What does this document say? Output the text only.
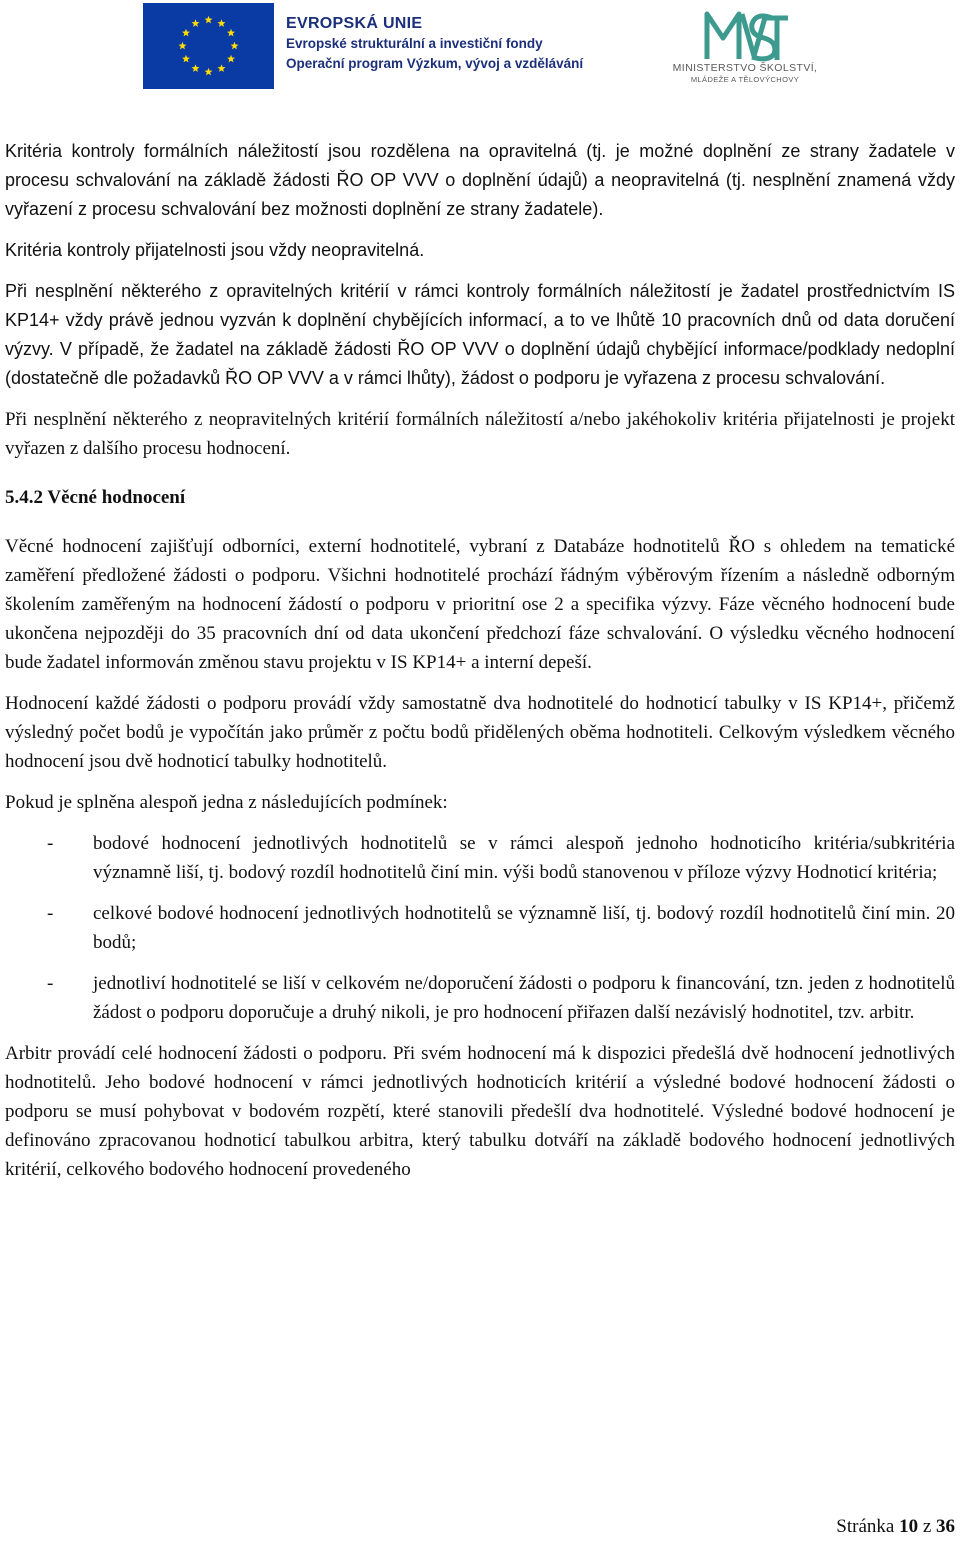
EVROPSKÁ UNIE
Evropské strukturální a investiční fondy
Operační program Výzkum, vývoj a vzdělávání	MINISTERSTVO ŠKOLSTVÍ,
MLÁDEŽE A TĚLOVÝCHOVY

Kritéria kontroly formálních náležitostí jsou rozdělena na opravitelná (tj. je možné doplnění ze strany žadatele v procesu schvalování na základě žádosti ŘO OP VVV o doplnění údajů) a neopravitelná (tj. nesplnění znamená vždy vyřazení z procesu schvalování bez možnosti doplnění ze strany žadatele).

Kritéria kontroly přijatelnosti jsou vždy neopravitelná.

Při nesplnění některého z opravitelných kritérií v rámci kontroly formálních náležitostí je žadatel prostřednictvím IS KP14+ vždy právě jednou vyzván k doplnění chybějících informací, a to ve lhůtě 10 pracovních dnů od data doručení výzvy. V případě, že žadatel na základě žádosti ŘO OP VVV o doplnění údajů chybějící informace/podklady nedoplní (dostatečně dle požadavků ŘO OP VVV a v rámci lhůty), žádost o podporu je vyřazena z procesu schvalování.

Při nesplnění některého z neopravitelných kritérií formálních náležitostí a/nebo jakéhokoliv kritéria přijatelnosti je projekt vyřazen z dalšího procesu hodnocení.

5.4.2 Věcné hodnocení

Věcné hodnocení zajišťují odborníci, externí hodnotitelé, vybraní z Databáze hodnotitelů ŘO s ohledem na tematické zaměření předložené žádosti o podporu. Všichni hodnotitelé prochází řádným výběrovým řízením a následně odborným školením zaměřeným na hodnocení žádostí o podporu v prioritní ose 2 a specifika výzvy. Fáze věcného hodnocení bude ukončena nejpozději do 35 pracovních dní od data ukončení předchozí fáze schvalování. O výsledku věcného hodnocení bude žadatel informován změnou stavu projektu v IS KP14+ a interní depeší.

Hodnocení každé žádosti o podporu provádí vždy samostatně dva hodnotitelé do hodnoticí tabulky v IS KP14+, přičemž výsledný počet bodů je vypočítán jako průměr z počtu bodů přidělených oběma hodnotiteli. Celkovým výsledkem věcného hodnocení jsou dvě hodnoticí tabulky hodnotitelů.

Pokud je splněna alespoň jedna z následujících podmínek:

- bodové hodnocení jednotlivých hodnotitelů se v rámci alespoň jednoho hodnoticího kritéria/subkritéria významně liší, tj. bodový rozdíl hodnotitelů činí min. výši bodů stanovenou v příloze výzvy Hodnoticí kritéria;
- celkové bodové hodnocení jednotlivých hodnotitelů se významně liší, tj. bodový rozdíl hodnotitelů činí min. 20 bodů;
- jednotliví hodnotitelé se liší v celkovém ne/doporučení žádosti o podporu k financování, tzn. jeden z hodnotitelů žádost o podporu doporučuje a druhý nikoli, je pro hodnocení přiřazen další nezávislý hodnotitel, tzv. arbitr.

Arbitr provádí celé hodnocení žádosti o podporu. Při svém hodnocení má k dispozici předešlá dvě hodnocení jednotlivých hodnotitelů. Jeho bodové hodnocení v rámci jednotlivých hodnoticích kritérií a výsledné bodové hodnocení žádosti o podporu se musí pohybovat v bodovém rozpětí, které stanovili předešlí dva hodnotitelé. Výsledné bodové hodnocení je definováno zpracovanou hodnoticí tabulkou arbitra, který tabulku dotváří na základě bodového hodnocení jednotlivých kritérií, celkového bodového hodnocení provedeného

Stránka 10 z 36
